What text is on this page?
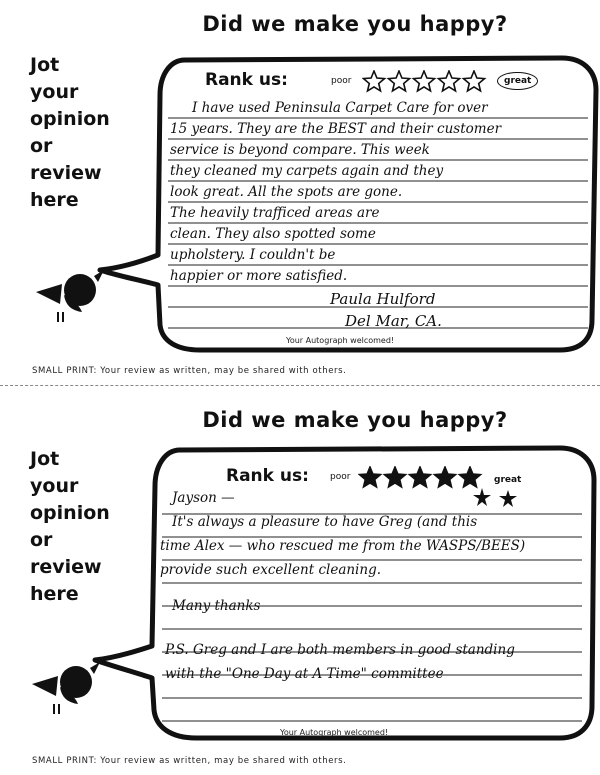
Did we make you happy?
Jot
your
opinion
or
review
here
Rank us:	poor	great
I have used Peninsula Carpet Care for over
15 years. They are the BEST and their customer
service is beyond compare. This week
they cleaned my carpets again and they
look great. All the spots are gone.
The heavily trafficed areas are
clean. They also spotted some
upholstery. I couldn't be
happier or more satisfied.
Paula Hulford
Del Mar, CA.
Your Autograph welcomed!
SMALL PRINT: Your review as written, may be shared with others.
Did we make you happy?
Jot
your
opinion
or
review
here
Rank us: poor	great
Jayson —
It's always a pleasure to have Greg (and this
time Alex — who rescued me from the WASPS/BEES)
provide such excellent cleaning.
Many thanks
P.S. Greg and I are both members in good standing
with the "One Day at A Time" committee
Your Autograph welcomed!
SMALL PRINT: Your review as written, may be shared with others.
